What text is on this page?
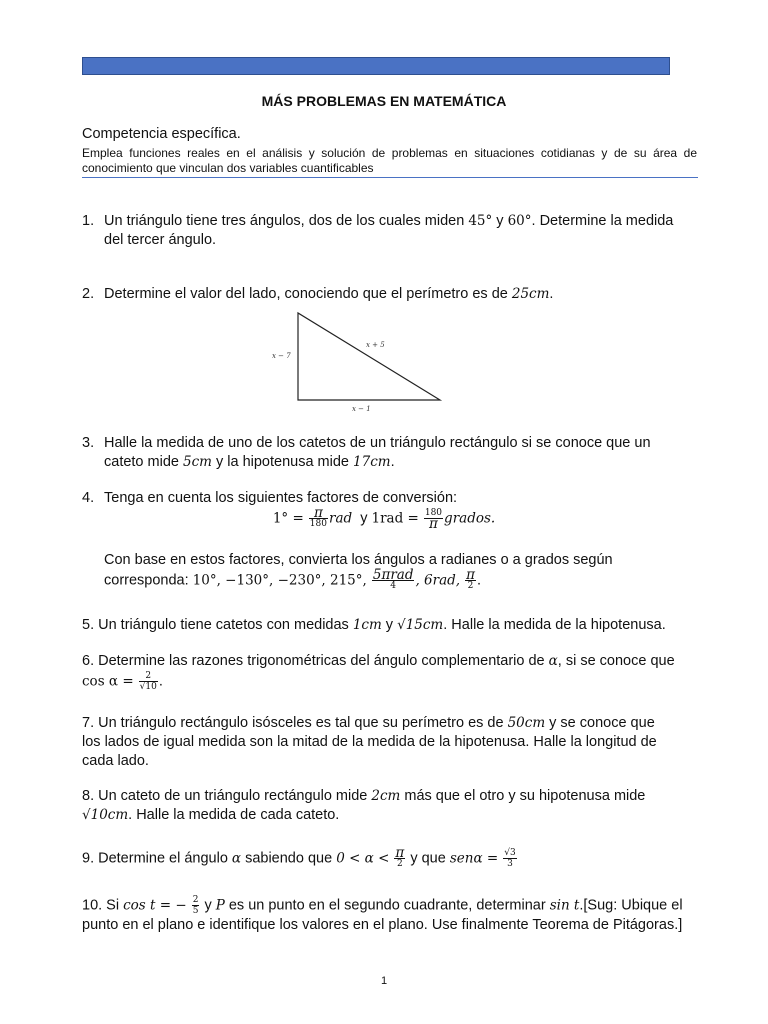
MÁS PROBLEMAS EN MATEMÁTICA
Competencia específica.
Emplea funciones reales en el análisis y solución de problemas en situaciones cotidianas y de su área de conocimiento que vinculan dos variables cuantificables
1. Un triángulo tiene tres ángulos, dos de los cuales miden 45° y 60°. Determine la medida
del tercer ángulo.
2. Determine el valor del lado, conociendo que el perímetro es de 25cm.
x − 7
x + 5
x − 1
3. Halle la medida de uno de los catetos de un triángulo rectángulo si se conoce que un
cateto mide 5cm y la hipotenusa mide 17cm.
4. Tenga en cuenta los siguientes factores de conversión:
$1^\circ = \frac{\pi}{180}$ rad y $1rad = \frac{180}{\pi}$ grados.
Con base en estos factores, convierta los ángulos a radianes o a grados según
corresponda: 10°, −130°, −230°, 215°, $\frac{\text{5πrad}}{4}$ , 6rad, $\frac{\pi}{2}$ .
5. Un triángulo tiene catetos con medidas 1cm y √15cm. Halle la medida de la hipotenusa.
6. Determine las razones trigonométricas del ángulo complementario de α, si se conoce que
$\cos \alpha = \frac{2}{√10}$ .
7. Un triángulo rectángulo isósceles es tal que su perímetro es de 50cm y se conoce que
los lados de igual medida son la mitad de la medida de la hipotenusa. Halle la longitud de
cada lado.
8. Un cateto de un triángulo rectángulo mide 2cm más que el otro y su hipotenusa mide
√10cm. Halle la medida de cada cateto.
9. Determine el ángulo α sabiendo que $0 < \alpha < \frac{\pi}{2}$ y que $sen\alpha = \frac{√3}{3}$
10. Si cos t = − $\frac{2}{5}$ y P es un punto en el segundo cuadrante, determinar sin t.[Sug: Ubique el
punto en el plano e identifique los valores en el plano. Use finalmente Teorema de Pitágoras.]
1
